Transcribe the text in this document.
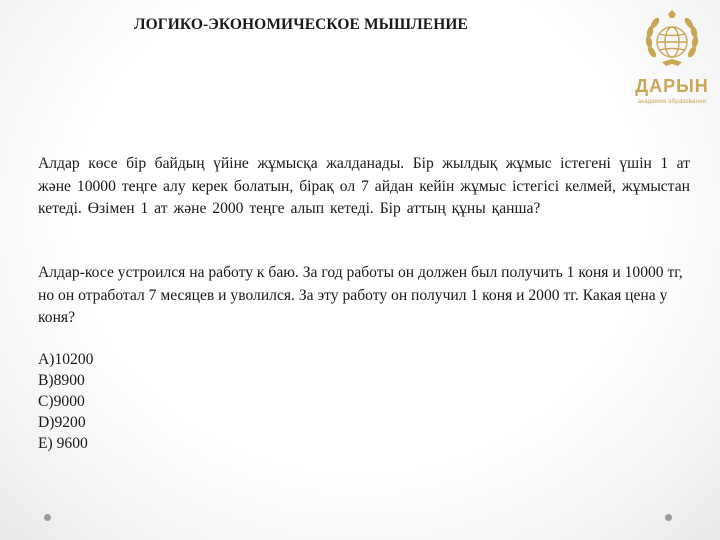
ЛОГИКО-ЭКОНОМИЧЕСКОЕ МЫШЛЕНИЕ
ДАРЫН
академия образования
Алдар көсе бір байдың үйіне жұмысқа жалданады. Бір жылдық жұмыс істегені үшін 1 ат және 10000 теңге алу керек болатын, бірақ ол 7 айдан кейін жұмыс істегісі келмей, жұмыстан кетеді. Өзімен 1 ат және 2000 теңге алып кетеді. Бір аттың құны қанша?
Алдар-косе устроился на работу к баю. За год работы он должен был получить 1 коня и 10000 тг, но он отработал 7 месяцев и уволился. За эту работу он получил 1 коня и 2000 тг. Какая цена у коня?
A)10200
B)8900
C)9000
D)9200
E) 9600
